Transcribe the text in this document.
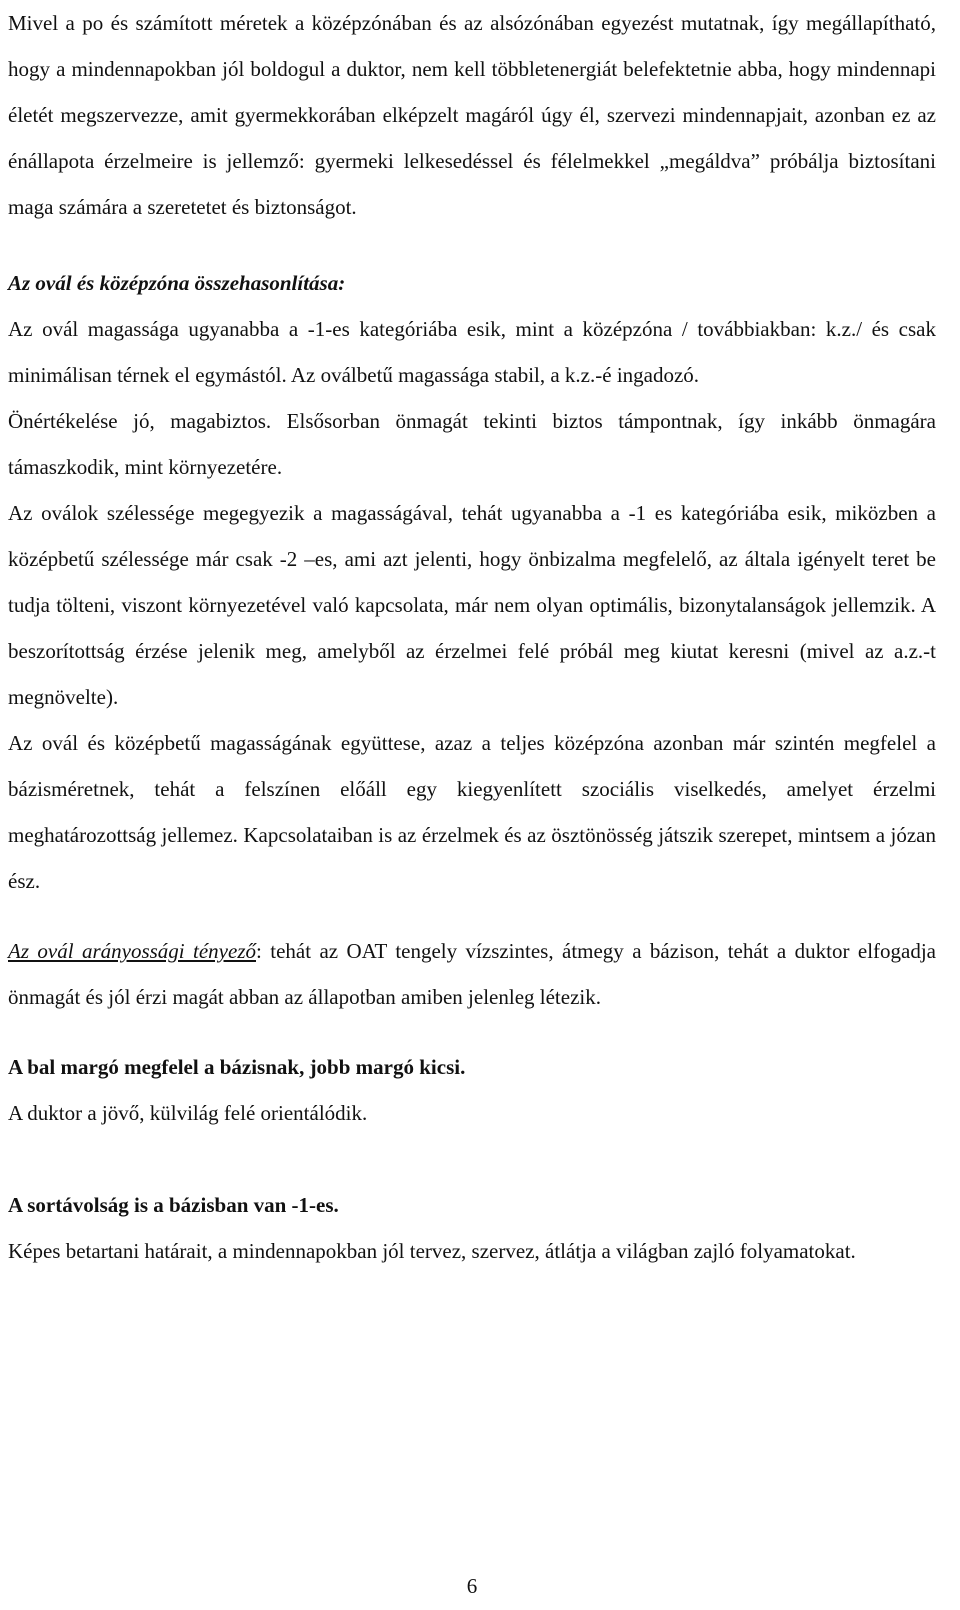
Mivel a po és számított méretek a középzónában és az alsózónában egyezést mutatnak, így megállapítható, hogy a mindennapokban jól boldogul a duktor, nem kell többletenergiát belefektetnie abba, hogy mindennapi életét megszervezze, amit gyermekkorában elképzelt magáról úgy él, szervezi mindennapjait, azonban ez az énállapota érzelmeire is jellemző: gyermeki lelkesedéssel és félelmekkel „megáldva” próbálja biztosítani maga számára a szeretetet és biztonságot.

Az ovál és középzóna összehasonlítása:

Az ovál magassága ugyanabba a -1-es kategóriába esik, mint a középzóna / továbbiakban: k.z./ és csak minimálisan térnek el egymástól. Az oválbetű magassága stabil, a k.z.-é ingadozó.

Önértékelése jó, magabiztos. Elsősorban önmagát tekinti biztos támpontnak, így inkább önmagára támaszkodik, mint környezetére.

Az oválok szélessége megegyezik a magasságával, tehát ugyanabba a -1 es kategóriába esik, miközben a középbetű szélessége már csak -2 –es, ami azt jelenti, hogy önbizalma megfelelő, az általa igényelt teret be tudja tölteni, viszont környezetével való kapcsolata, már nem olyan optimális, bizonytalanságok jellemzik. A beszorítottság érzése jelenik meg, amelyből az érzelmei felé próbál meg kiutat keresni (mivel az a.z.-t megnövelte).

Az ovál és középbetű magasságának együttese, azaz a teljes középzóna azonban már szintén megfelel a bázisméretnek, tehát a felszínen előáll egy kiegyenlített szociális viselkedés, amelyet érzelmi meghatározottság jellemez. Kapcsolataiban is az érzelmek és az ösztönösség játszik szerepet, mintsem a józan ész.

Az ovál arányossági tényező: tehát az OAT tengely vízszintes, átmegy a bázison, tehát a duktor elfogadja önmagát és jól érzi magát abban az állapotban amiben jelenleg létezik.

A bal margó megfelel a bázisnak, jobb margó kicsi.

A duktor a jövő, külvilág felé orientálódik.

A sortávolság is a bázisban van -1-es.

Képes betartani határait, a mindennapokban jól tervez, szervez, átlátja a világban zajló folyamatokat.

6
